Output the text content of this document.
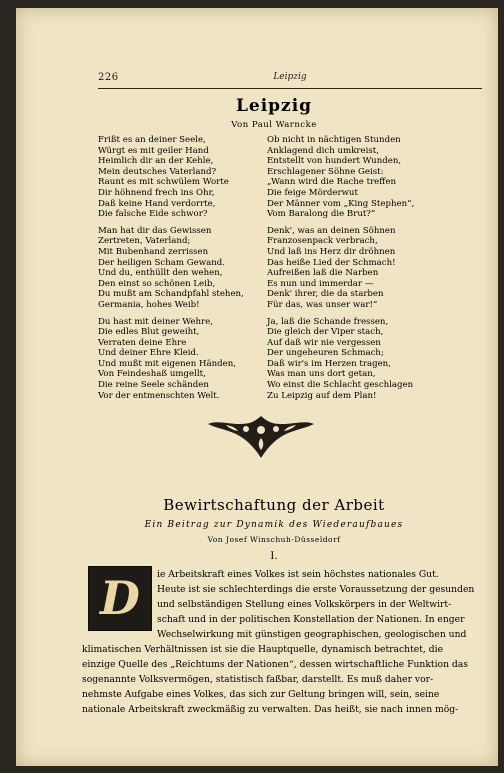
226	Leipzig
Leipzig
Von Paul Warncke
Frißt es an deiner Seele,
Würgt es mit geiler Hand
Heimlich dir an der Kehle,
Mein deutsches Vaterland?
Raunt es mit schwülem Worte
Dir höhnend frech ins Ohr,
Daß keine Hand verdorrte,
Die falsche Eide schwor?
Man hat dir das Gewissen
Zertreten, Vaterland;
Mit Bubenhand zerrissen
Der heiligen Scham Gewand.
Und du, enthüllt den wehen,
Den einst so schönen Leib,
Du mußt am Schandpfahl stehen,
Germania, hohes Weib!
Du hast mit deiner Wehre,
Die edles Blut geweiht,
Verraten deine Ehre
Und deiner Ehre Kleid.
Und mußt mit eigenen Händen,
Von Feindeshaß umgellt,
Die reine Seele schänden
Vor der entmenschten Welt.
Ob nicht in nächtigen Stunden
Anklagend dich umkreist,
Entstellt von hundert Wunden,
Erschlagener Söhne Geist:
„Wann wird die Rache treffen
Die feige Mörderwut
Der Männer vom „King Stephen“,
Vom Baralong die Brut?“
Denk', was an deinen Söhnen
Franzosenpack verbrach,
Und laß ins Herz dir dröhnen
Das heiße Lied der Schmach!
Aufreißen laß die Narben
Es nun und immerdar —
Denk' ihrer, die da starben
Für das, was unser war!“
Ja, laß die Schande fressen,
Die gleich der Viper stach,
Auf daß wir nie vergessen
Der ungeheuren Schmach;
Daß wir's im Herzen tragen,
Was man uns dort getan,
Wo einst die Schlacht geschlagen
Zu Leipzig auf dem Plan!
Bewirtschaftung der Arbeit
Ein Beitrag zur Dynamik des Wiederaufbaues
Von Josef Winschuh-Düsseldorf
I.
D	ie Arbeitskraft eines Volkes ist sein höchstes nationales Gut.
Heute ist sie schlechterdings die erste Voraussetzung der gesunden
und selbständigen Stellung eines Volkskörpers in der Weltwirt-
schaft und in der politischen Konstellation der Nationen. In enger
Wechselwirkung mit günstigen geographischen, geologischen und
klimatischen Verhältnissen ist sie die Hauptquelle, dynamisch betrachtet, die
einzige Quelle des „Reichtums der Nationen“, dessen wirtschaftliche Funktion das
sogenannte Volksvermögen, statistisch faßbar, darstellt. Es muß daher vor-
nehmste Aufgabe eines Volkes, das sich zur Geltung bringen will, sein, seine
nationale Arbeitskraft zweckmäßig zu verwalten. Das heißt, sie nach innen mög-
